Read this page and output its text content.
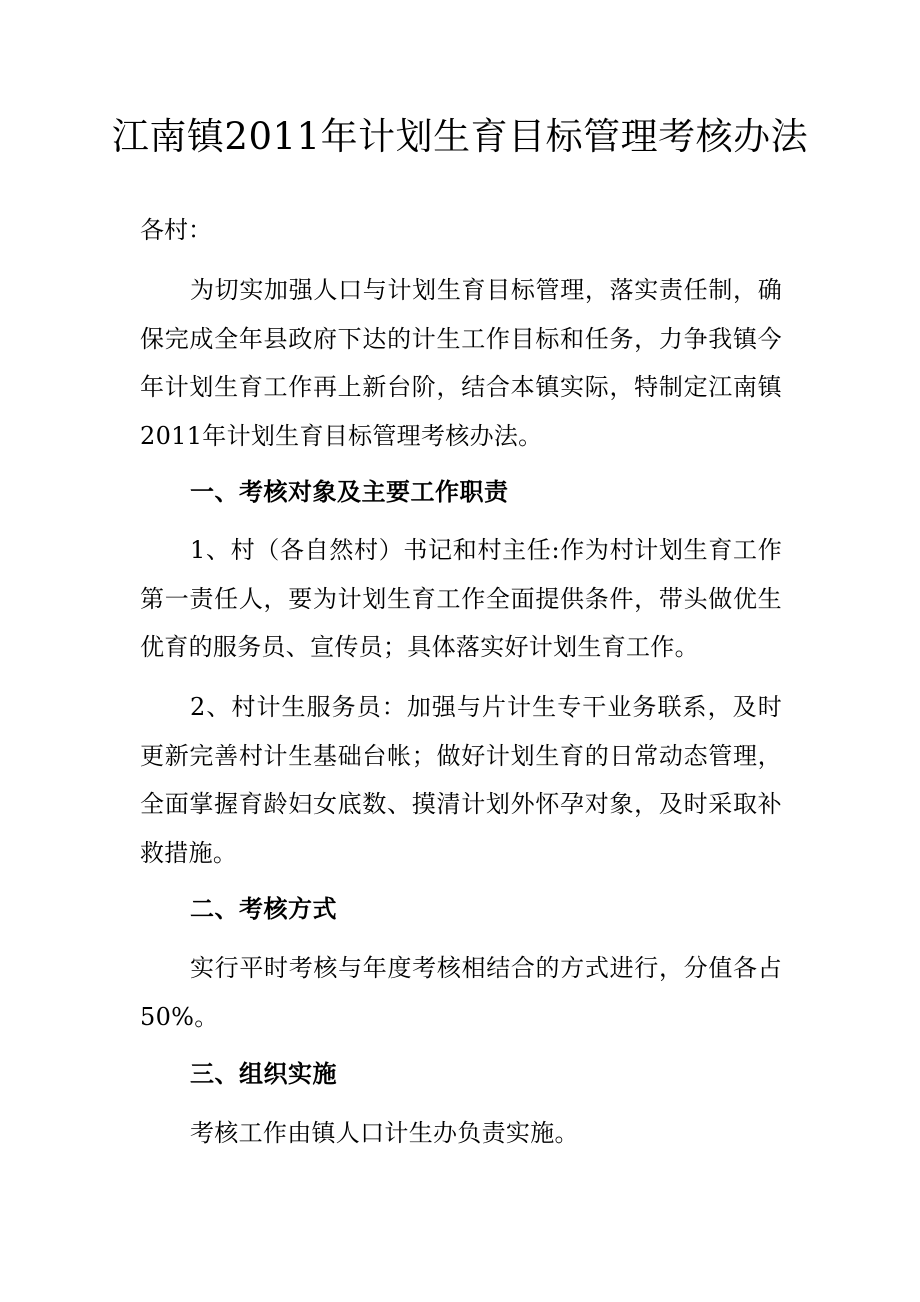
江南镇2011年计划生育目标管理考核办法

各村：

为切实加强人口与计划生育目标管理，落实责任制，确保完成全年县政府下达的计生工作目标和任务，力争我镇今年计划生育工作再上新台阶，结合本镇实际，特制定江南镇2011年计划生育目标管理考核办法。

一、考核对象及主要工作职责

1、村（各自然村）书记和村主任:作为村计划生育工作第一责任人，要为计划生育工作全面提供条件，带头做优生优育的服务员、宣传员；具体落实好计划生育工作。

2、村计生服务员：加强与片计生专干业务联系，及时更新完善村计生基础台帐；做好计划生育的日常动态管理，全面掌握育龄妇女底数、摸清计划外怀孕对象，及时采取补救措施。

二、考核方式

实行平时考核与年度考核相结合的方式进行，分值各占50%。

三、组织实施

考核工作由镇人口计生办负责实施。
